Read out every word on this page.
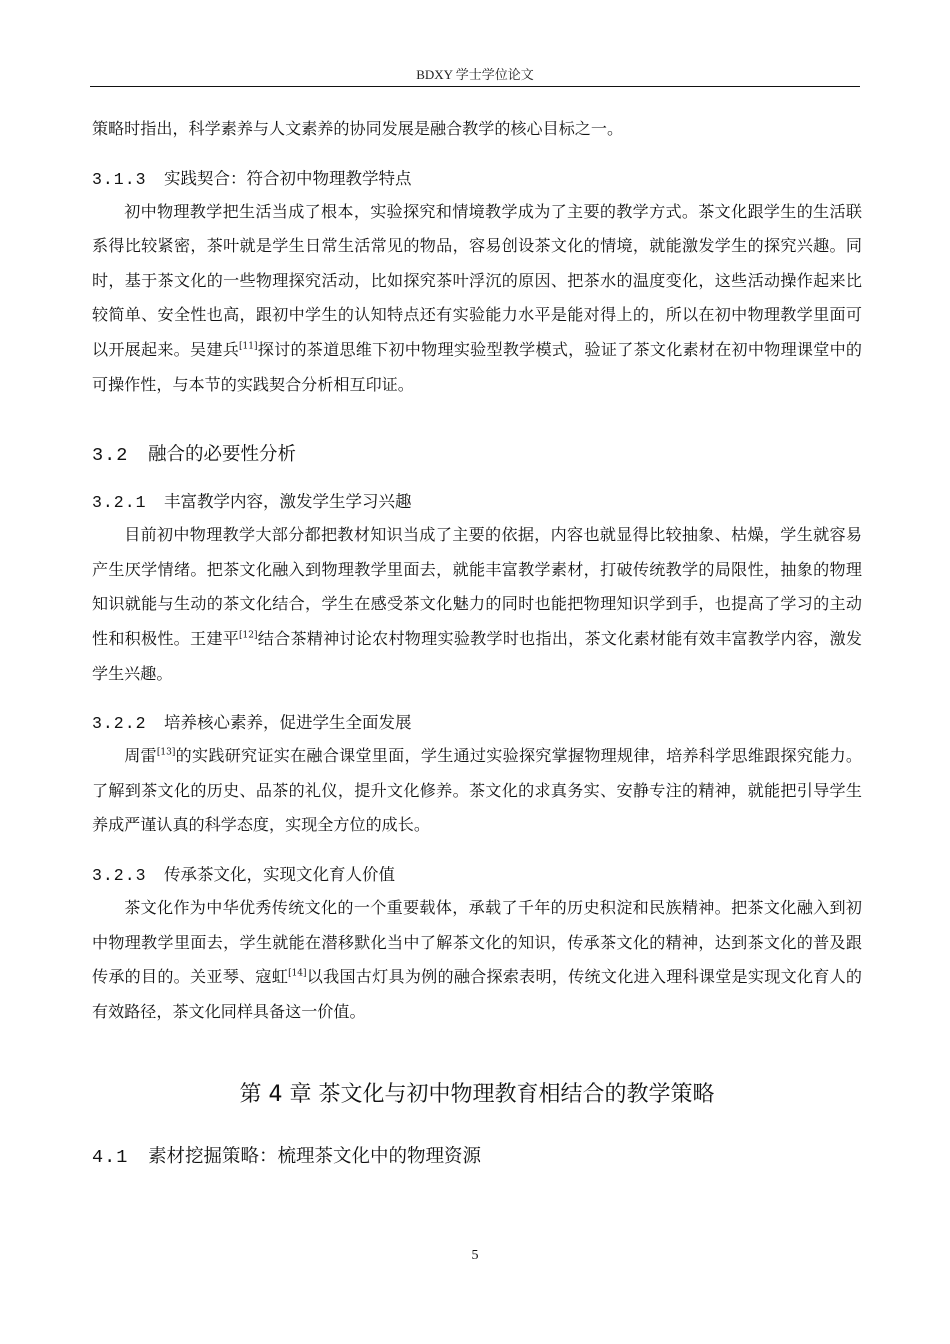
BDXY 学士学位论文

策略时指出，科学素养与人文素养的协同发展是融合教学的核心目标之一。

3.1.3 实践契合：符合初中物理教学特点

初中物理教学把生活当成了根本，实验探究和情境教学成为了主要的教学方式。茶文化跟学生的生活联系得比较紧密，茶叶就是学生日常生活常见的物品，容易创设茶文化的情境，就能激发学生的探究兴趣。同时，基于茶文化的一些物理探究活动，比如探究茶叶浮沉的原因、把茶水的温度变化，这些活动操作起来比较简单、安全性也高，跟初中学生的认知特点还有实验能力水平是能对得上的，所以在初中物理教学里面可以开展起来。吴建兵[11]探讨的茶道思维下初中物理实验型教学模式，验证了茶文化素材在初中物理课堂中的可操作性，与本节的实践契合分析相互印证。

3.2 融合的必要性分析
3.2.1 丰富教学内容，激发学生学习兴趣

目前初中物理教学大部分都把教材知识当成了主要的依据，内容也就显得比较抽象、枯燥，学生就容易产生厌学情绪。把茶文化融入到物理教学里面去，就能丰富教学素材，打破传统教学的局限性，抽象的物理知识就能与生动的茶文化结合，学生在感受茶文化魅力的同时也能把物理知识学到手，也提高了学习的主动性和积极性。王建平[12]结合茶精神讨论农村物理实验教学时也指出，茶文化素材能有效丰富教学内容，激发学生兴趣。

3.2.2 培养核心素养，促进学生全面发展

周雷[13]的实践研究证实在融合课堂里面，学生通过实验探究掌握物理规律，培养科学思维跟探究能力。了解到茶文化的历史、品茶的礼仪，提升文化修养。茶文化的求真务实、安静专注的精神，就能把引导学生养成严谨认真的科学态度，实现全方位的成长。

3.2.3 传承茶文化，实现文化育人价值

茶文化作为中华优秀传统文化的一个重要载体，承载了千年的历史积淀和民族精神。把茶文化融入到初中物理教学里面去，学生就能在潜移默化当中了解茶文化的知识，传承茶文化的精神，达到茶文化的普及跟传承的目的。关亚琴、寇虹[14]以我国古灯具为例的融合探索表明，传统文化进入理科课堂是实现文化育人的有效路径，茶文化同样具备这一价值。

第 4 章 茶文化与初中物理教育相结合的教学策略
4.1 素材挖掘策略：梳理茶文化中的物理资源
5
